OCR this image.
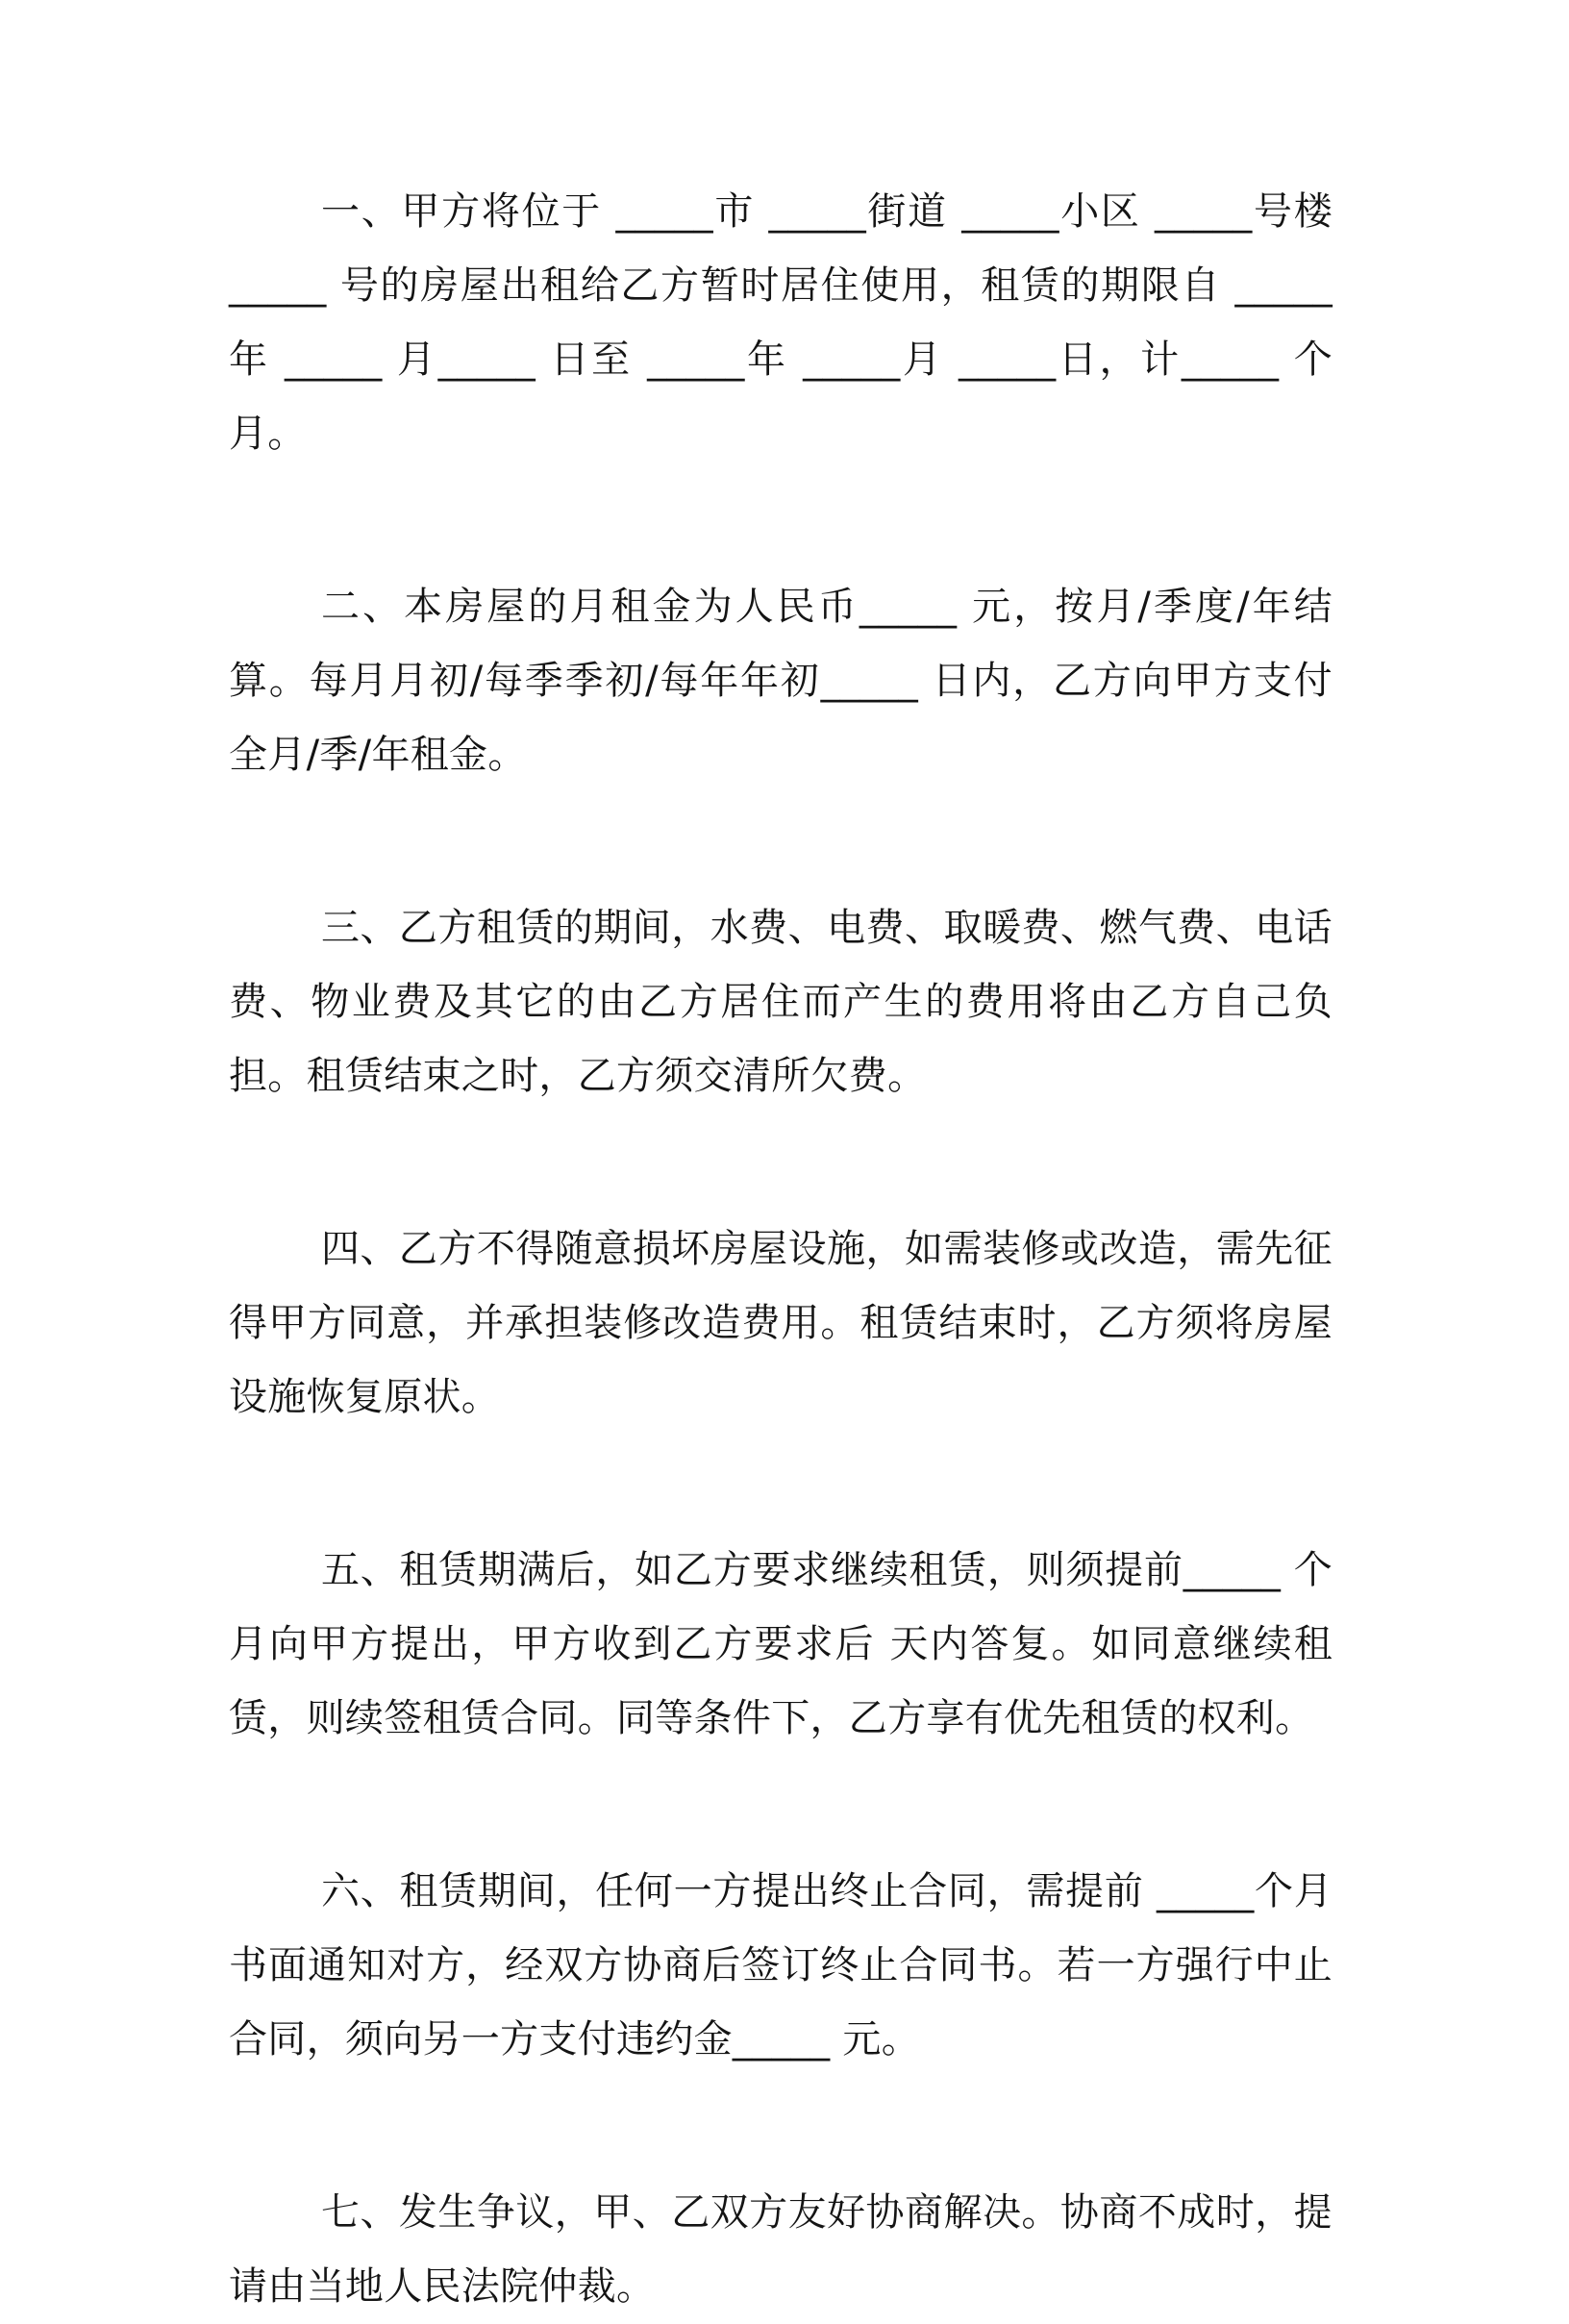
一、甲方将位于 _____市 _____街道 _____小区 _____号楼 _____ 号的房屋出租给乙方暂时居住使用，租赁的期限自 _____年 _____ 月_____ 日至 _____年 _____月 _____日，计_____ 个月。

二、本房屋的月租金为人民币_____ 元，按月/季度/年结算。每月月初/每季季初/每年年初_____ 日内，乙方向甲方支付全月/季/年租金。

三、乙方租赁的期间，水费、电费、取暖费、燃气费、电话费、物业费及其它的由乙方居住而产生的费用将由乙方自己负担。租赁结束之时，乙方须交清所欠费。

四、乙方不得随意损坏房屋设施，如需装修或改造，需先征得甲方同意，并承担装修改造费用。租赁结束时，乙方须将房屋设施恢复原状。

五、租赁期满后，如乙方要求继续租赁，则须提前_____ 个月向甲方提出，甲方收到乙方要求后 天内答复。如同意继续租赁，则续签租赁合同。同等条件下，乙方享有优先租赁的权利。

六、租赁期间，任何一方提出终止合同，需提前 _____个月书面通知对方，经双方协商后签订终止合同书。若一方强行中止合同，须向另一方支付违约金_____ 元。

七、发生争议，甲、乙双方友好协商解决。协商不成时，提请由当地人民法院仲裁。
